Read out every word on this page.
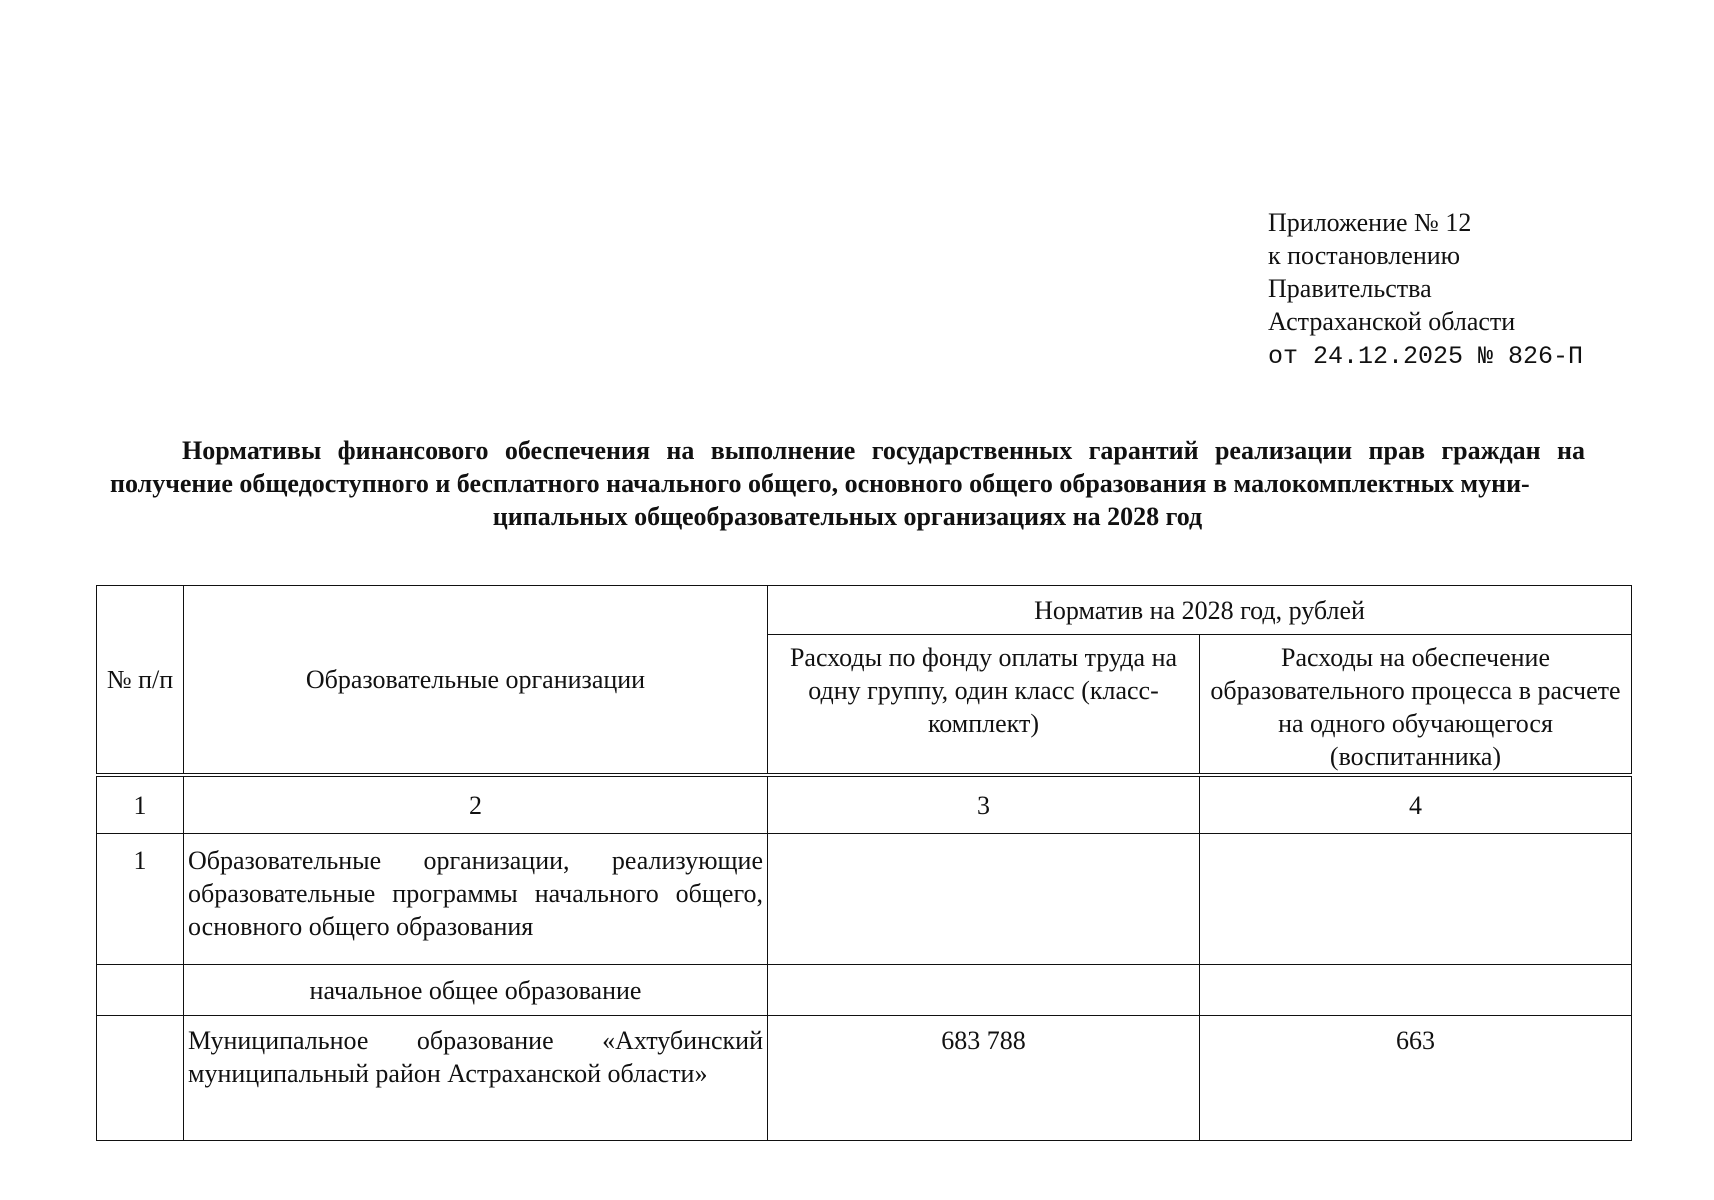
Приложение № 12
к постановлению
Правительства
Астраханской области
от 24.12.2025 № 826-П
Нормативы финансового обеспечения на выполнение государственных гарантий реализации прав граждан на получение общедоступного и бесплатного начального общего, основного общего образования в малокомплектных муни-
ципальных общеобразовательных организациях на 2028 год
№ п/п	Образовательные организации	Норматив на 2028 год, рублей	
		Расходы по фонду оплаты труда на одну группу, один класс (класс-комплект)	Расходы на обеспечение образовательного процесса в расчете на одного обучающегося (воспитанника)
1	2	3	4
1	Образовательные организации, реализующие образовательные программы начального общего, основного общего образования		
	начальное общее образование		
	Муниципальное образование «Ахтубинский муниципальный район Астраханской области»	683 788	663
